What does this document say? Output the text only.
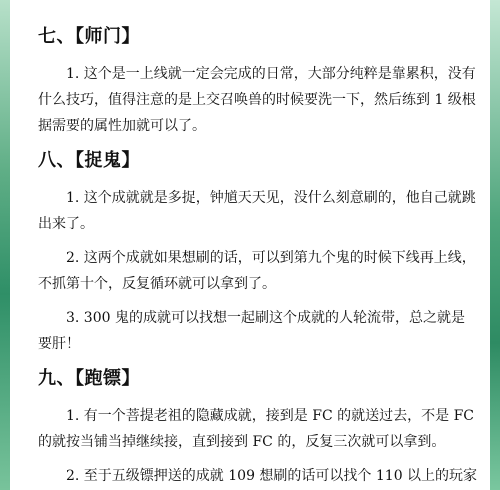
七、【师门】

1. 这个是一上线就一定会完成的日常，大部分纯粹是靠累积，没有什么技巧，值得注意的是上交召唤兽的时候要洗一下，然后练到 1 级根据需要的属性加就可以了。

八、【捉鬼】

1. 这个成就就是多捉，钟馗天天见，没什么刻意刷的，他自己就跳出来了。

2. 这两个成就如果想刷的话，可以到第九个鬼的时候下线再上线，不抓第十个，反复循环就可以拿到了。

3. 300 鬼的成就可以找想一起刷这个成就的人轮流带，总之就是要肝！

九、【跑镖】

1. 有一个菩提老祖的隐藏成就，接到是 FC 的就送过去，不是 FC 的就按当铺当掉继续接，直到接到 FC 的，反复三次就可以拿到。

2. 至于五级镖押送的成就 109 想刷的话可以找个 110 以上的玩家
